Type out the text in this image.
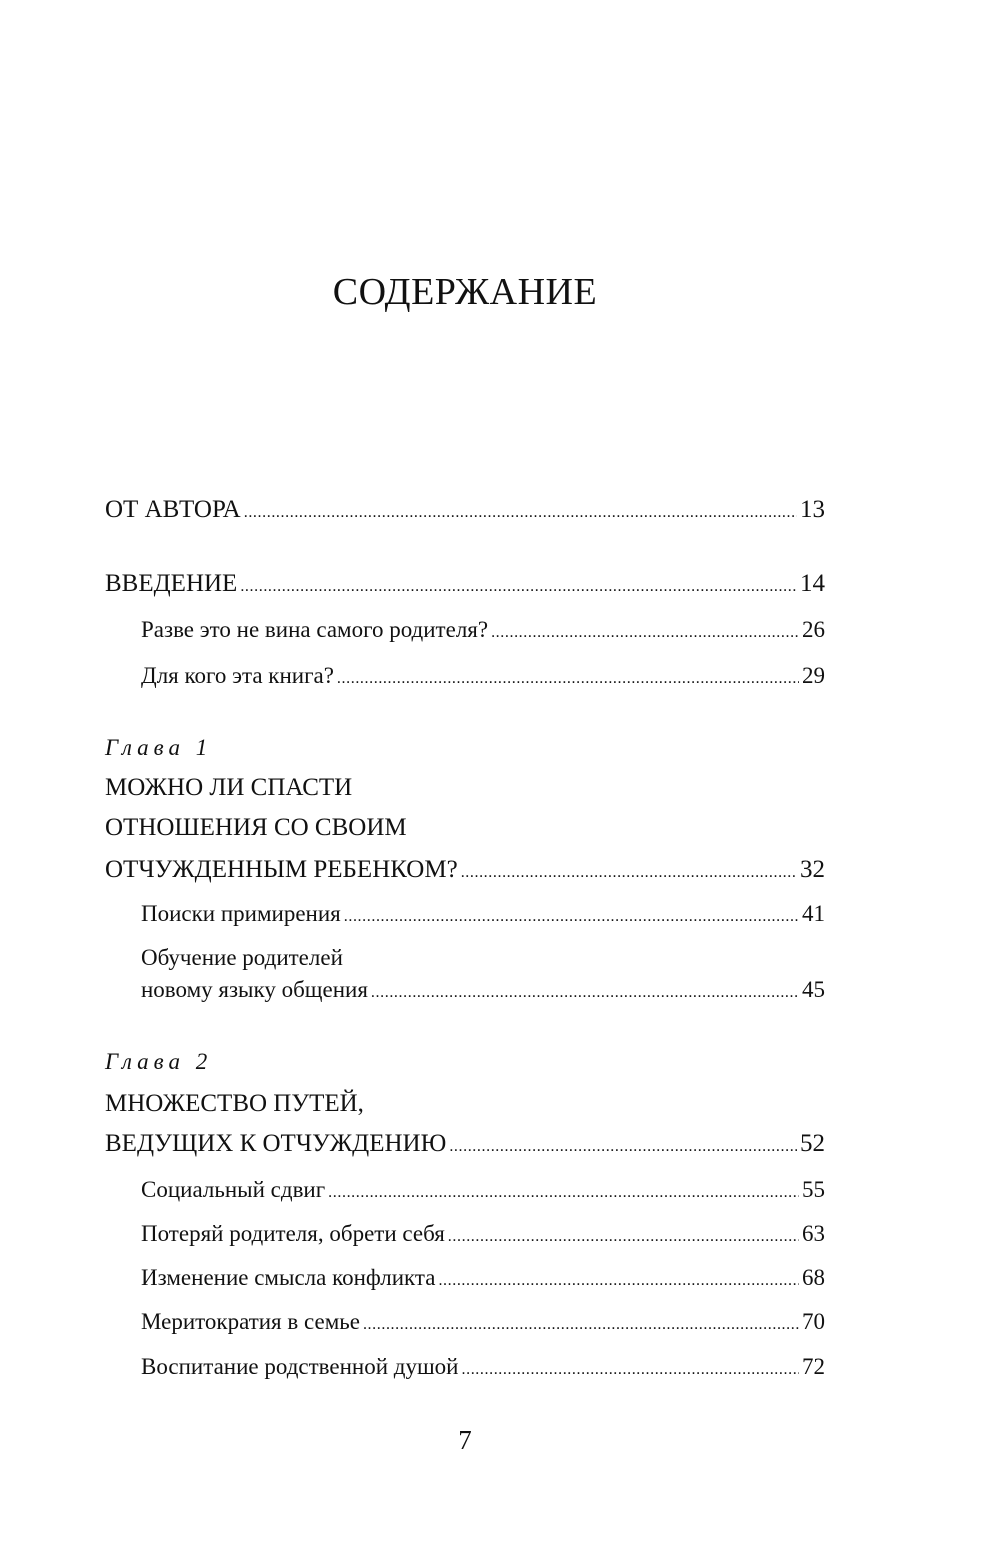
СОДЕРЖАНИЕ
ОТ АВТОРА .....	13
ВВЕДЕНИЕ .....	14
Разве это не вина самого родителя? .....	26
Для кого эта книга? .....	29
Глава 1
МОЖНО ЛИ СПАСТИ
ОТНОШЕНИЯ СО СВОИМ
ОТЧУЖДЕННЫМ РЕБЕНКОМ? .....	32
Поиски примирения .....	41
Обучение родителей
новому языку общения .....	45
Глава 2
МНОЖЕСТВО ПУТЕЙ,
ВЕДУЩИХ К ОТЧУЖДЕНИЮ .....	52
Социальный сдвиг .....	55
Потеряй родителя, обрети себя .....	63
Изменение смысла конфликта .....	68
Меритократия в семье .....	70
Воспитание родственной душой .....	72
7
